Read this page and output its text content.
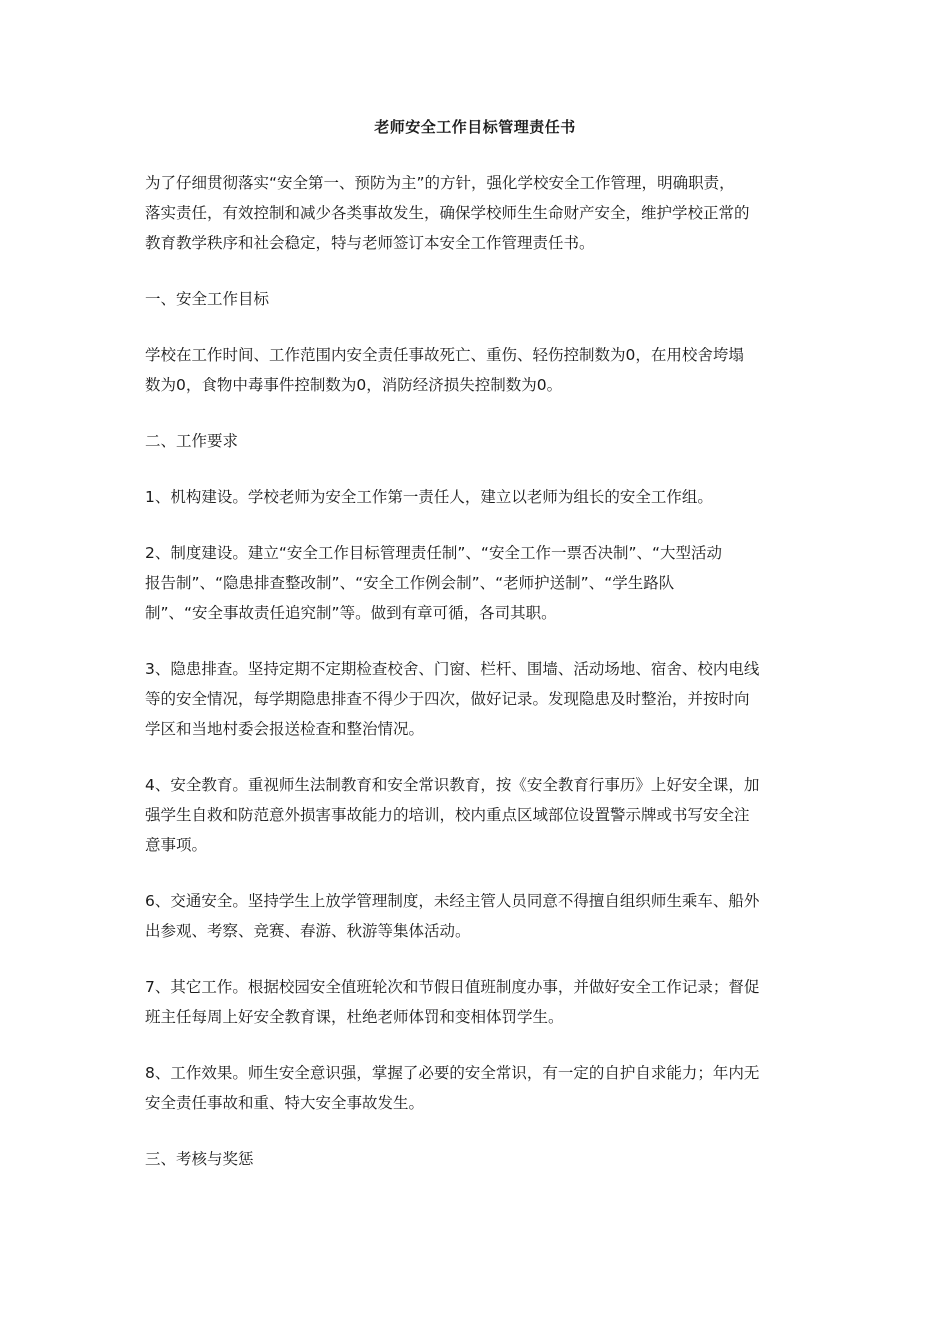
老师安全工作目标管理责任书
为了仔细贯彻落实“安全第一、预防为主”的方针，强化学校安全工作管理，明确职责，
落实责任，有效控制和减少各类事故发生，确保学校师生生命财产安全，维护学校正常的
教育教学秩序和社会稳定，特与老师签订本安全工作管理责任书。
一、安全工作目标
学校在工作时间、工作范围内安全责任事故死亡、重伤、轻伤控制数为0，在用校舍垮塌
数为0，食物中毒事件控制数为0，消防经济损失控制数为0。
二、工作要求
1、机构建设。学校老师为安全工作第一责任人，建立以老师为组长的安全工作组。
2、制度建设。建立“安全工作目标管理责任制”、“安全工作一票否决制”、“大型活动
报告制”、“隐患排查整改制”、“安全工作例会制”、“老师护送制”、“学生路队
制”、“安全事故责任追究制”等。做到有章可循，各司其职。
3、隐患排查。坚持定期不定期检查校舍、门窗、栏杆、围墙、活动场地、宿舍、校内电线
等的安全情况，每学期隐患排查不得少于四次，做好记录。发现隐患及时整治，并按时向
学区和当地村委会报送检查和整治情况。
4、安全教育。重视师生法制教育和安全常识教育，按《安全教育行事历》上好安全课，加
强学生自救和防范意外损害事故能力的培训，校内重点区域部位设置警示牌或书写安全注
意事项。
6、交通安全。坚持学生上放学管理制度，未经主管人员同意不得擅自组织师生乘车、船外
出参观、考察、竞赛、春游、秋游等集体活动。
7、其它工作。根据校园安全值班轮次和节假日值班制度办事，并做好安全工作记录；督促
班主任每周上好安全教育课，杜绝老师体罚和变相体罚学生。
8、工作效果。师生安全意识强，掌握了必要的安全常识，有一定的自护自求能力；年内无
安全责任事故和重、特大安全事故发生。
三、考核与奖惩
